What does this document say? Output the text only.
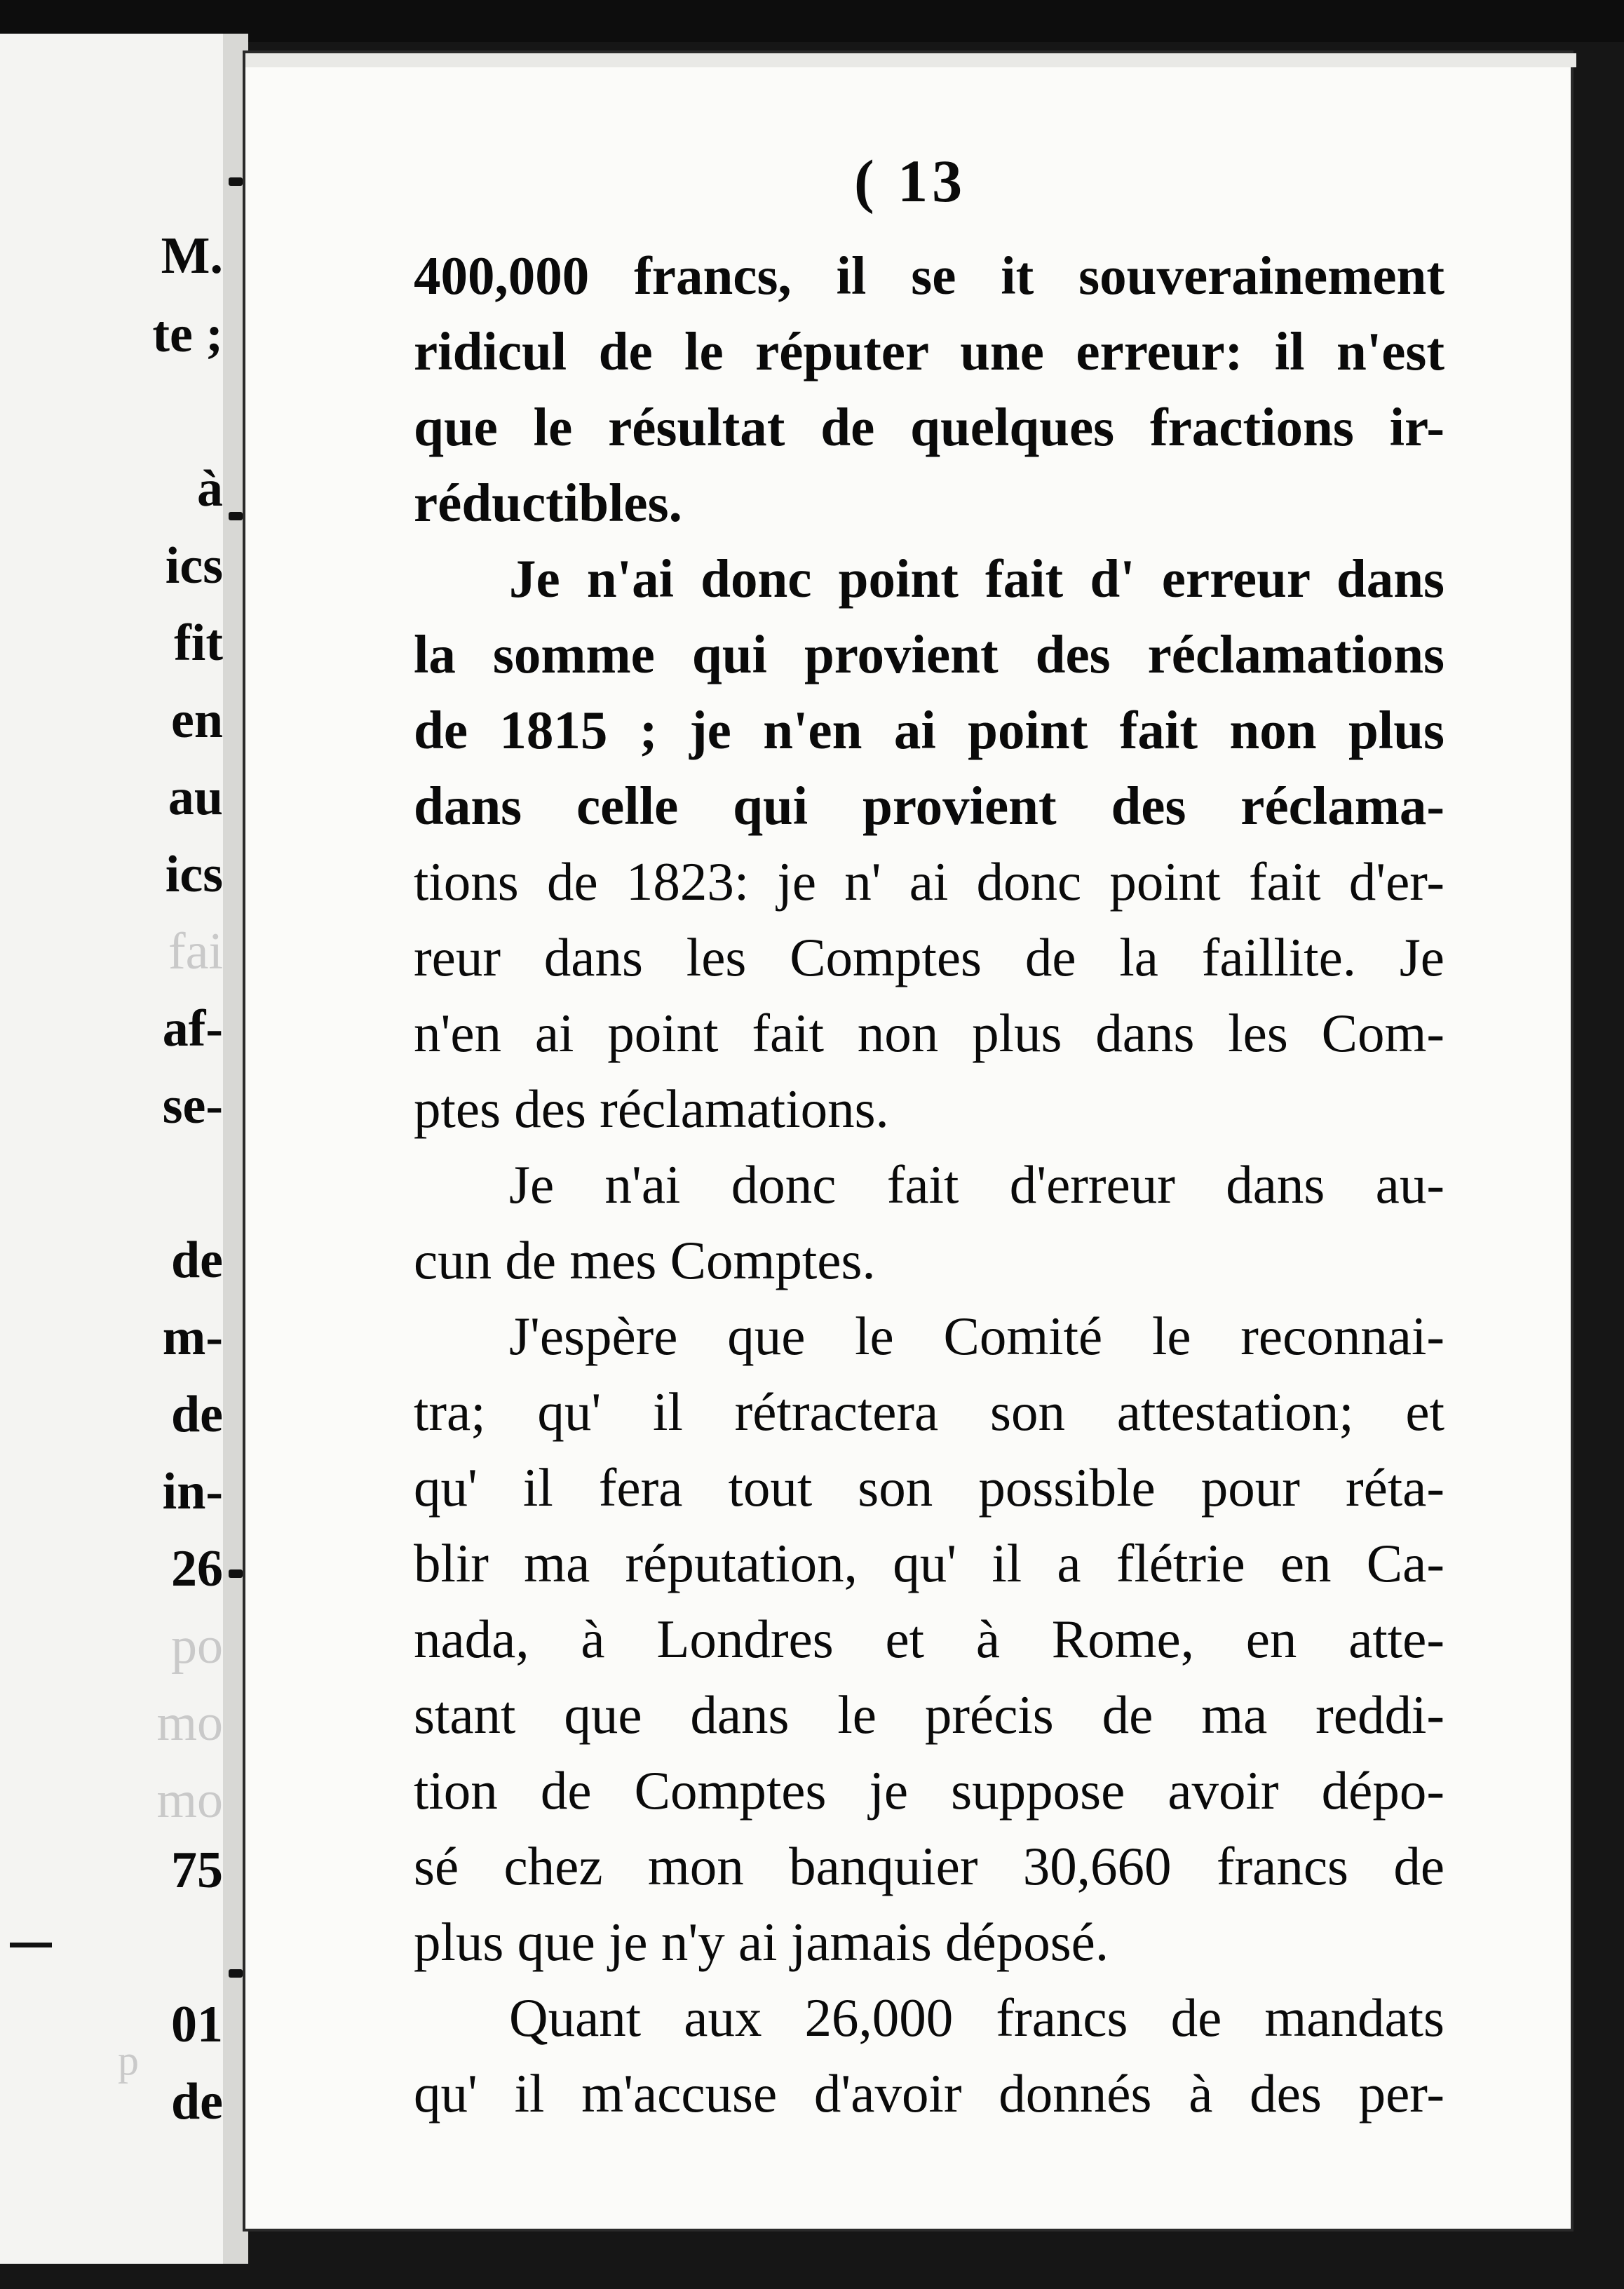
M.

te ;

à

ics

fit

en

au

ics

fai

af-

se-

de

m-

de

in-

26

po

mo

mo

75

01

p

de

( 13

400,000 francs, il se it souverainement

ridicul de le réputer une erreur: il n'est

que le résultat de quelques fractions ir-

réductibles.

Je n'ai donc point fait d' erreur dans

la somme qui provient des réclamations

de 1815 ; je n'en ai point fait non plus

dans celle qui provient des réclama-

tions de 1823: je n' ai donc point fait d'er-

reur dans les Comptes de la faillite. Je

n'en ai point fait non plus dans les Com-

ptes des réclamations.

Je n'ai donc fait d'erreur dans au-

cun de mes Comptes.

J'espère que le Comité le reconnai-

tra; qu' il rétractera son attestation; et

qu' il fera tout son possible pour réta-

blir ma réputation, qu' il a flétrie en Ca-

nada, à Londres et à Rome, en atte-

stant que dans le précis de ma reddi-

tion de Comptes je suppose avoir dépo-

sé chez mon banquier 30,660 francs de

plus que je n'y ai jamais déposé.

Quant aux 26,000 francs de mandats

qu' il m'accuse d'avoir donnés à des per-
